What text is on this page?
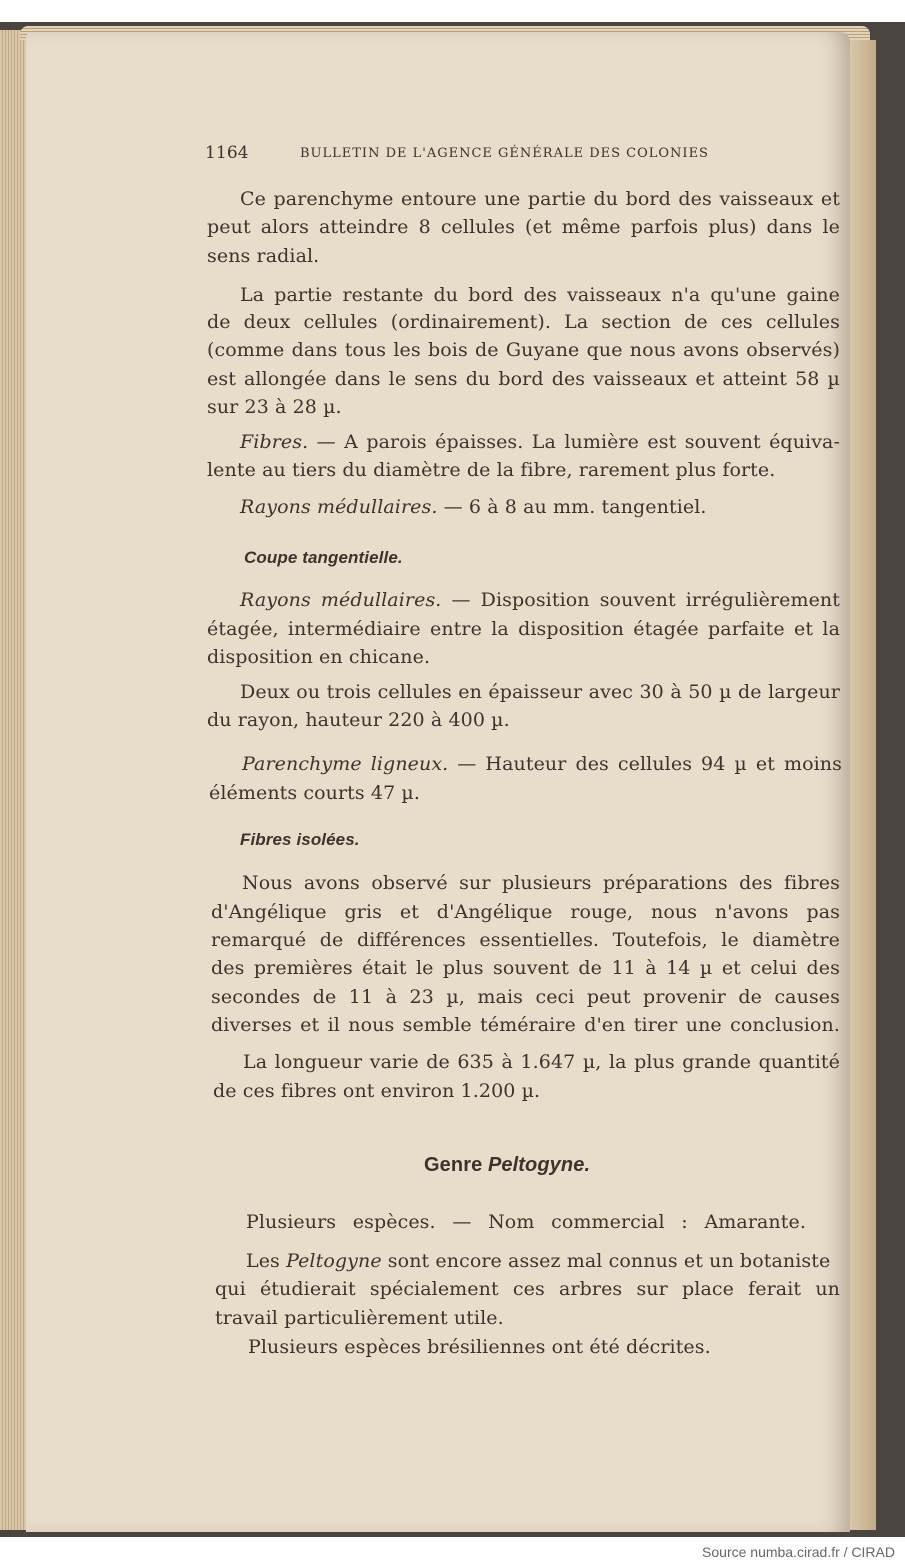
1164	BULLETIN DE L'AGENCE GÉNÉRALE DES COLONIES
Ce parenchyme entoure une partie du bord des vaisseaux et
peut alors atteindre 8 cellules (et même parfois plus) dans le
sens radial.
La partie restante du bord des vaisseaux n'a qu'une gaine
de deux cellules (ordinairement). La section de ces cellules
(comme dans tous les bois de Guyane que nous avons observés)
est allongée dans le sens du bord des vaisseaux et atteint 58 µ
sur 23 à 28 µ.
Fibres. — A parois épaisses. La lumière est souvent équiva-
lente au tiers du diamètre de la fibre, rarement plus forte.
Rayons médullaires. — 6 à 8 au mm. tangentiel.
Coupe tangentielle.
Rayons médullaires. — Disposition souvent irrégulièrement
étagée, intermédiaire entre la disposition étagée parfaite et la
disposition en chicane.
Deux ou trois cellules en épaisseur avec 30 à 50 µ de largeur
du rayon, hauteur 220 à 400 µ.
Parenchyme ligneux. — Hauteur des cellules 94 µ et moins
éléments courts 47 µ.
Fibres isolées.
Nous avons observé sur plusieurs préparations des fibres
d'Angélique gris et d'Angélique rouge, nous n'avons pas
remarqué de différences essentielles. Toutefois, le diamètre
des premières était le plus souvent de 11 à 14 µ et celui des
secondes de 11 à 23 µ, mais ceci peut provenir de causes
diverses et il nous semble téméraire d'en tirer une conclusion.
La longueur varie de 635 à 1.647 µ, la plus grande quantité
de ces fibres ont environ 1.200 µ.
Genre Peltogyne.
Plusieurs espèces. — Nom commercial : Amarante.
Les Peltogyne sont encore assez mal connus et un botaniste
qui étudierait spécialement ces arbres sur place ferait un
travail particulièrement utile.
Plusieurs espèces brésiliennes ont été décrites.
Source numba.cirad.fr / CIRAD
